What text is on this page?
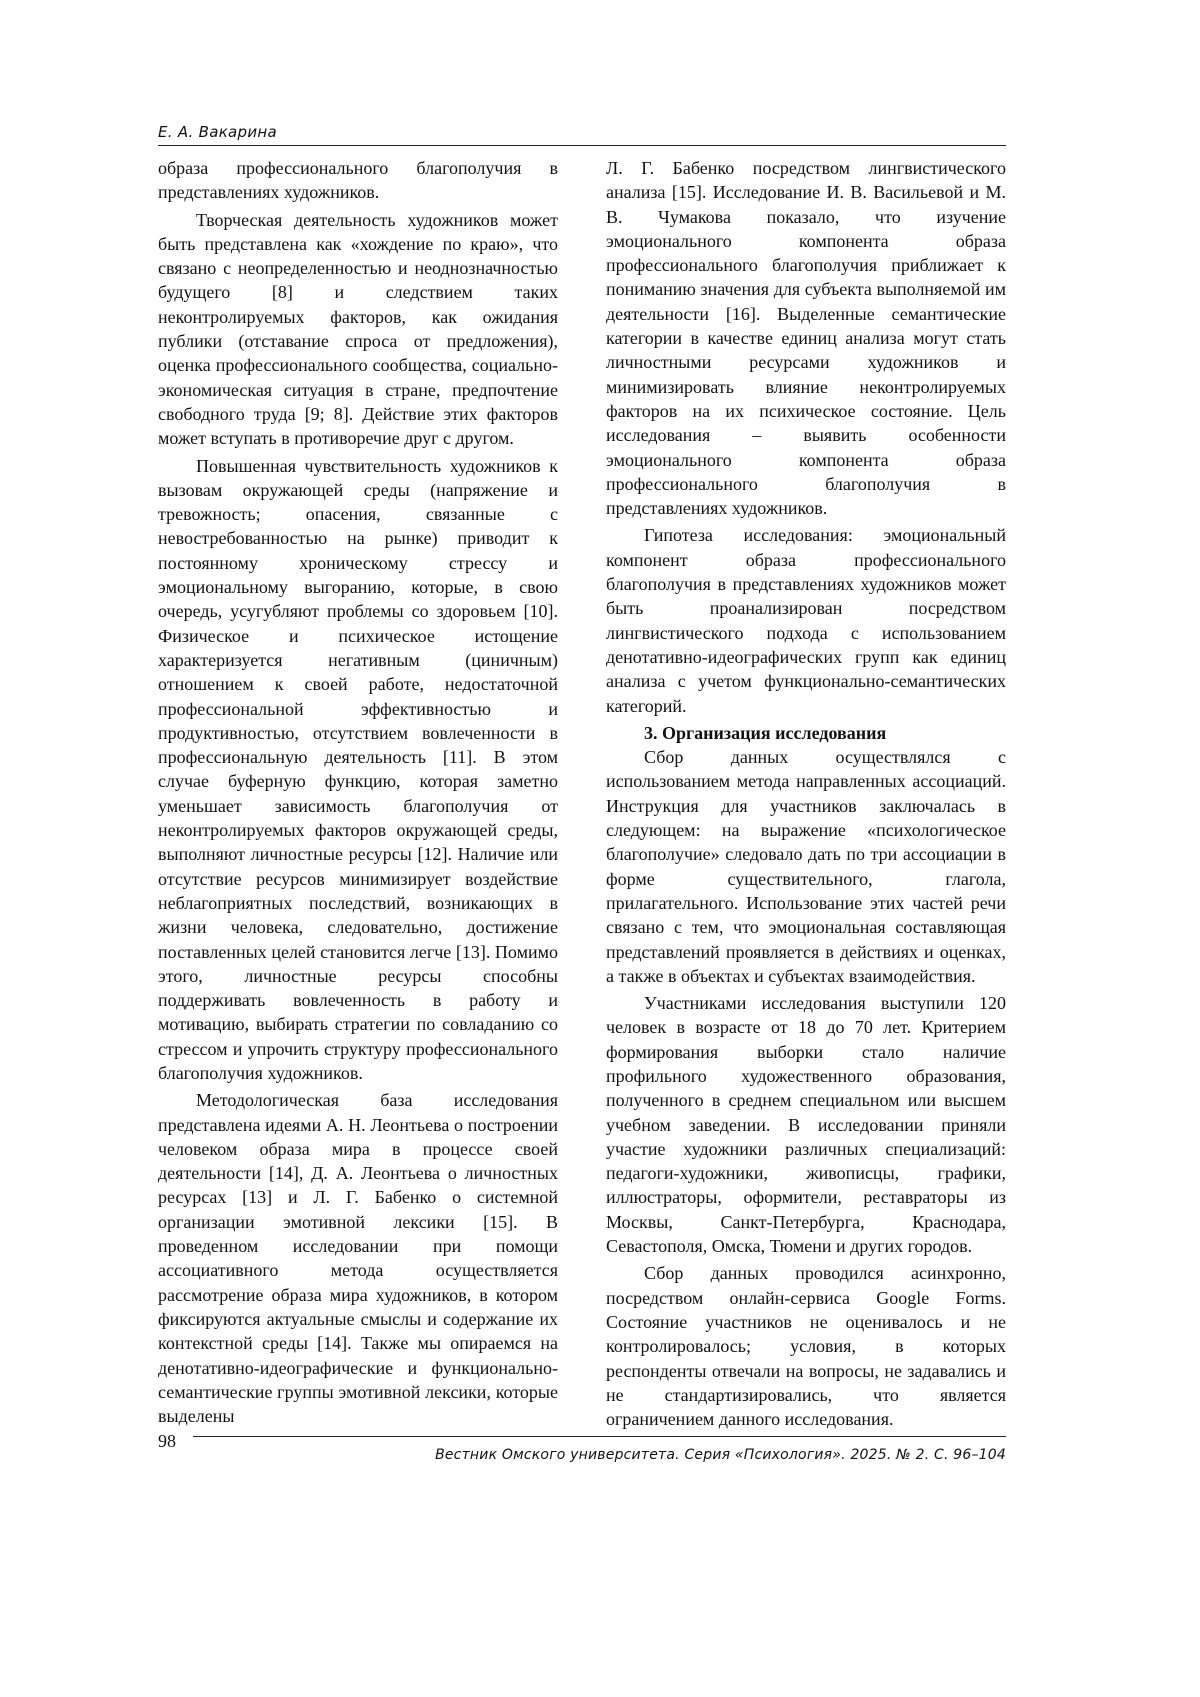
Е. А. Вакарина

образа профессионального благополучия в представлениях художников.

Творческая деятельность художников может быть представлена как «хождение по краю», что связано с неопределенностью и неоднозначностью будущего [8] и следствием таких неконтролируемых факторов, как ожидания публики (отставание спроса от предложения), оценка профессионального сообщества, социально-экономическая ситуация в стране, предпочтение свободного труда [9; 8]. Действие этих факторов может вступать в противоречие друг с другом.

Повышенная чувствительность художников к вызовам окружающей среды (напряжение и тревожность; опасения, связанные с невостребованностью на рынке) приводит к постоянному хроническому стрессу и эмоциональному выгоранию, которые, в свою очередь, усугубляют проблемы со здоровьем [10]. Физическое и психическое истощение характеризуется негативным (циничным) отношением к своей работе, недостаточной профессиональной эффективностью и продуктивностью, отсутствием вовлеченности в профессиональную деятельность [11]. В этом случае буферную функцию, которая заметно уменьшает зависимость благополучия от неконтролируемых факторов окружающей среды, выполняют личностные ресурсы [12]. Наличие или отсутствие ресурсов минимизирует воздействие неблагоприятных последствий, возникающих в жизни человека, следовательно, достижение поставленных целей становится легче [13]. Помимо этого, личностные ресурсы способны поддерживать вовлеченность в работу и мотивацию, выбирать стратегии по совладанию со стрессом и упрочить структуру профессионального благополучия художников.

Методологическая база исследования представлена идеями А. Н. Леонтьева о построении человеком образа мира в процессе своей деятельности [14], Д. А. Леонтьева о личностных ресурсах [13] и Л. Г. Бабенко о системной организации эмотивной лексики [15]. В проведенном исследовании при помощи ассоциативного метода осуществляется рассмотрение образа мира художников, в котором фиксируются актуальные смыслы и содержание их контекстной среды [14]. Также мы опираемся на денотативно-идеографические и функционально-семантические группы эмотивной лексики, которые выделены

Л. Г. Бабенко посредством лингвистического анализа [15]. Исследование И. В. Васильевой и М. В. Чумакова показало, что изучение эмоционального компонента образа профессионального благополучия приближает к пониманию значения для субъекта выполняемой им деятельности [16]. Выделенные семантические категории в качестве единиц анализа могут стать личностными ресурсами художников и минимизировать влияние неконтролируемых факторов на их психическое состояние. Цель исследования – выявить особенности эмоционального компонента образа профессионального благополучия в представлениях художников.

Гипотеза исследования: эмоциональный компонент образа профессионального благополучия в представлениях художников может быть проанализирован посредством лингвистического подхода с использованием денотативно-идеографических групп как единиц анализа с учетом функционально-семантических категорий.

3. Организация исследования

Сбор данных осуществлялся с использованием метода направленных ассоциаций. Инструкция для участников заключалась в следующем: на выражение «психологическое благополучие» следовало дать по три ассоциации в форме существительного, глагола, прилагательного. Использование этих частей речи связано с тем, что эмоциональная составляющая представлений проявляется в действиях и оценках, а также в объектах и субъектах взаимодействия.

Участниками исследования выступили 120 человек в возрасте от 18 до 70 лет. Критерием формирования выборки стало наличие профильного художественного образования, полученного в среднем специальном или высшем учебном заведении. В исследовании приняли участие художники различных специализаций: педагоги-художники, живописцы, графики, иллюстраторы, оформители, реставраторы из Москвы, Санкт-Петербурга, Краснодара, Севастополя, Омска, Тюмени и других городов.

Сбор данных проводился асинхронно, посредством онлайн-сервиса Google Forms. Состояние участников не оценивалось и не контролировалось; условия, в которых респонденты отвечали на вопросы, не задавались и не стандартизировались, что является ограничением данного исследования.

98
Вестник Омского университета. Серия «Психология». 2025. № 2. С. 96–104
